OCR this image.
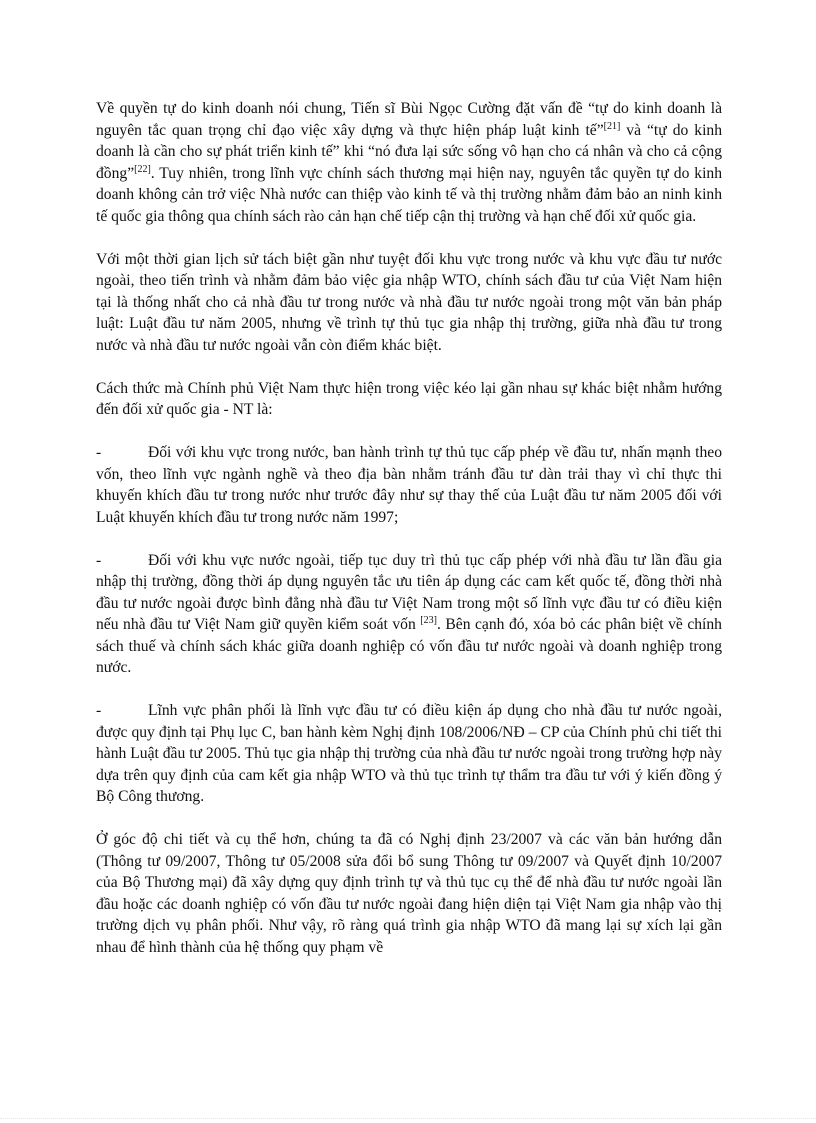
Về quyền tự do kinh doanh nói chung, Tiến sĩ Bùi Ngọc Cường đặt vấn đề “tự do kinh doanh là nguyên tắc quan trọng chỉ đạo việc xây dựng và thực hiện pháp luật kinh tế”[21] và “tự do kinh doanh là cần cho sự phát triển kinh tế” khi “nó đưa lại sức sống vô hạn cho cá nhân và cho cả cộng đồng”[22]. Tuy nhiên, trong lĩnh vực chính sách thương mại hiện nay, nguyên tắc quyền tự do kinh doanh không cản trở việc Nhà nước can thiệp vào kinh tế và thị trường nhằm đảm bảo an ninh kinh tế quốc gia thông qua chính sách rào cản hạn chế tiếp cận thị trường và hạn chế đối xử quốc gia.

Với một thời gian lịch sử tách biệt gần như tuyệt đối khu vực trong nước và khu vực đầu tư nước ngoài, theo tiến trình và nhằm đảm bảo việc gia nhập WTO, chính sách đầu tư của Việt Nam hiện tại là thống nhất cho cả nhà đầu tư trong nước và nhà đầu tư nước ngoài trong một văn bản pháp luật: Luật đầu tư năm 2005, nhưng về trình tự thủ tục gia nhập thị trường, giữa nhà đầu tư trong nước và nhà đầu tư nước ngoài vẫn còn điểm khác biệt.

Cách thức mà Chính phủ Việt Nam thực hiện trong việc kéo lại gần nhau sự khác biệt nhằm hướng đến đối xử quốc gia - NT là:

-	Đối với khu vực trong nước, ban hành trình tự thủ tục cấp phép về đầu tư, nhấn mạnh theo vốn, theo lĩnh vực ngành nghề và theo địa bàn nhằm tránh đầu tư dàn trải thay vì chỉ thực thi khuyến khích đầu tư trong nước như trước đây như sự thay thế của Luật đầu tư năm 2005 đối với Luật khuyến khích đầu tư trong nước năm 1997;

-	Đối với khu vực nước ngoài, tiếp tục duy trì thủ tục cấp phép với nhà đầu tư lần đầu gia nhập thị trường, đồng thời áp dụng nguyên tắc ưu tiên áp dụng các cam kết quốc tế, đồng thời nhà đầu tư nước ngoài được bình đẳng nhà đầu tư Việt Nam trong một số lĩnh vực đầu tư có điều kiện nếu nhà đầu tư Việt Nam giữ quyền kiểm soát vốn [23]. Bên cạnh đó, xóa bỏ các phân biệt về chính sách thuế và chính sách khác giữa doanh nghiệp có vốn đầu tư nước ngoài và doanh nghiệp trong nước.

-	Lĩnh vực phân phối là lĩnh vực đầu tư có điều kiện áp dụng cho nhà đầu tư nước ngoài, được quy định tại Phụ lục C, ban hành kèm Nghị định 108/2006/NĐ – CP của Chính phủ chi tiết thi hành Luật đầu tư 2005. Thủ tục gia nhập thị trường của nhà đầu tư nước ngoài trong trường hợp này dựa trên quy định của cam kết gia nhập WTO và thủ tục trình tự thẩm tra đầu tư với ý kiến đồng ý Bộ Công thương.

Ở góc độ chi tiết và cụ thể hơn, chúng ta đã có Nghị định 23/2007 và các văn bản hướng dẫn (Thông tư 09/2007, Thông tư 05/2008 sửa đổi bổ sung Thông tư 09/2007 và Quyết định 10/2007 của Bộ Thương mại) đã xây dựng quy định trình tự và thủ tục cụ thể để nhà đầu tư nước ngoài lần đầu hoặc các doanh nghiệp có vốn đầu tư nước ngoài đang hiện diện tại Việt Nam gia nhập vào thị trường dịch vụ phân phối. Như vậy, rõ ràng quá trình gia nhập WTO đã mang lại sự xích lại gần nhau để hình thành của hệ thống quy phạm về
